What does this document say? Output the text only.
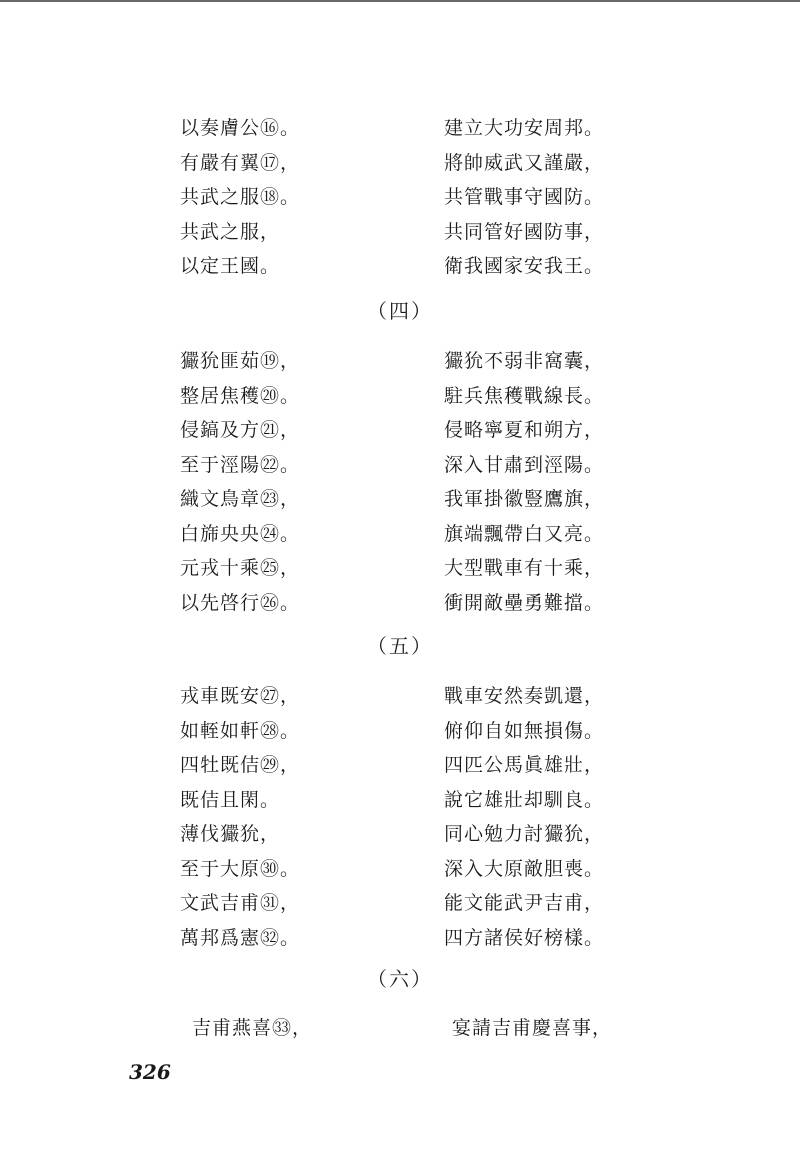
以奏膚公⑯。	建立大功安周邦。
有嚴有翼⑰，	將帥威武又謹嚴，
共武之服⑱。	共管戰事守國防。
共武之服，	共同管好國防事，
以定王國。	衛我國家安我王。
（四）
玁狁匪茹⑲，	玁狁不弱非窩囊，
整居焦穫⑳。	駐兵焦穫戰線長。
侵鎬及方㉑，	侵略寧夏和朔方，
至于涇陽㉒。	深入甘肅到涇陽。
織文鳥章㉓，	我軍掛徽豎鷹旗，
白旆央央㉔。	旗端飄帶白又亮。
元戎十乘㉕，	大型戰車有十乘，
以先啓行㉖。	衝開敵壘勇難擋。
（五）
戎車既安㉗，	戰車安然奏凱還，
如輊如軒㉘。	俯仰自如無損傷。
四牡既佶㉙，	四匹公馬眞雄壯，
既佶且閑。	說它雄壯却馴良。
薄伐玁狁，	同心勉力討玁狁，
至于大原㉚。	深入大原敵胆喪。
文武吉甫㉛，	能文能武尹吉甫，
萬邦爲憲㉜。	四方諸侯好榜樣。
（六）
吉甫燕喜㉝，	宴請吉甫慶喜事，
326
